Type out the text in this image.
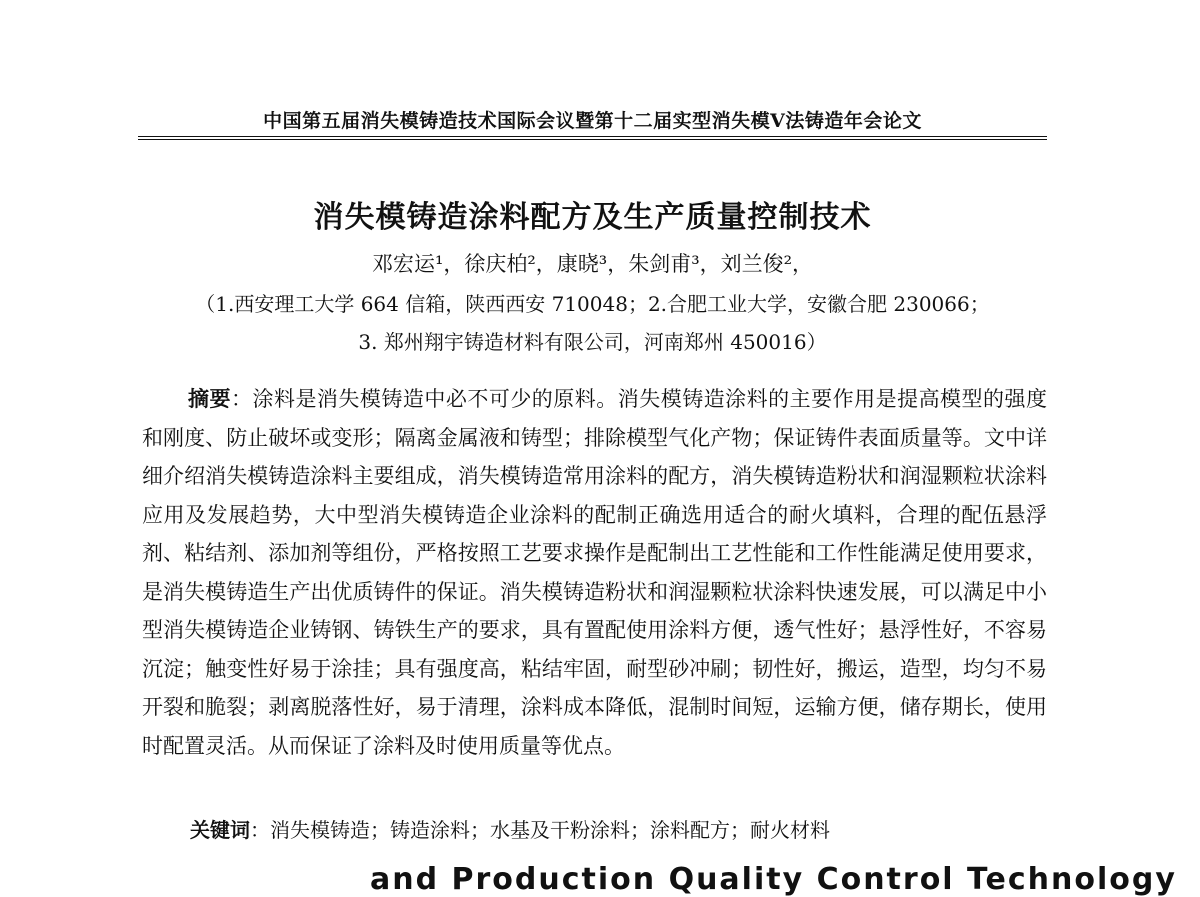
中国第五届消失模铸造技术国际会议暨第十二届实型消失模V法铸造年会论文
消失模铸造涂料配方及生产质量控制技术
邓宏运¹，徐庆柏²，康晓³，朱剑甫³，刘兰俊²，
（1.西安理工大学 664 信箱，陕西西安 710048；2.合肥工业大学，安徽合肥 230066；
3. 郑州翔宇铸造材料有限公司，河南郑州 450016）

摘要：涂料是消失模铸造中必不可少的原料。消失模铸造涂料的主要作用是提高模型的强度和刚度、防止破坏或变形；隔离金属液和铸型；排除模型气化产物；保证铸件表面质量等。文中详细介绍消失模铸造涂料主要组成，消失模铸造常用涂料的配方，消失模铸造粉状和润湿颗粒状涂料应用及发展趋势，大中型消失模铸造企业涂料的配制正确选用适合的耐火填料，合理的配伍悬浮剂、粘结剂、添加剂等组份，严格按照工艺要求操作是配制出工艺性能和工作性能满足使用要求，是消失模铸造生产出优质铸件的保证。消失模铸造粉状和润湿颗粒状涂料快速发展，可以满足中小型消失模铸造企业铸钢、铸铁生产的要求，具有置配使用涂料方便，透气性好；悬浮性好，不容易沉淀；触变性好易于涂挂；具有强度高，粘结牢固，耐型砂冲刷；韧性好，搬运，造型，均匀不易开裂和脆裂；剥离脱落性好，易于清理，涂料成本降低，混制时间短，运输方便，储存期长，使用时配置灵活。从而保证了涂料及时使用质量等优点。

关键词：消失模铸造；铸造涂料；水基及干粉涂料；涂料配方；耐火材料
and Production Quality Control Technology
